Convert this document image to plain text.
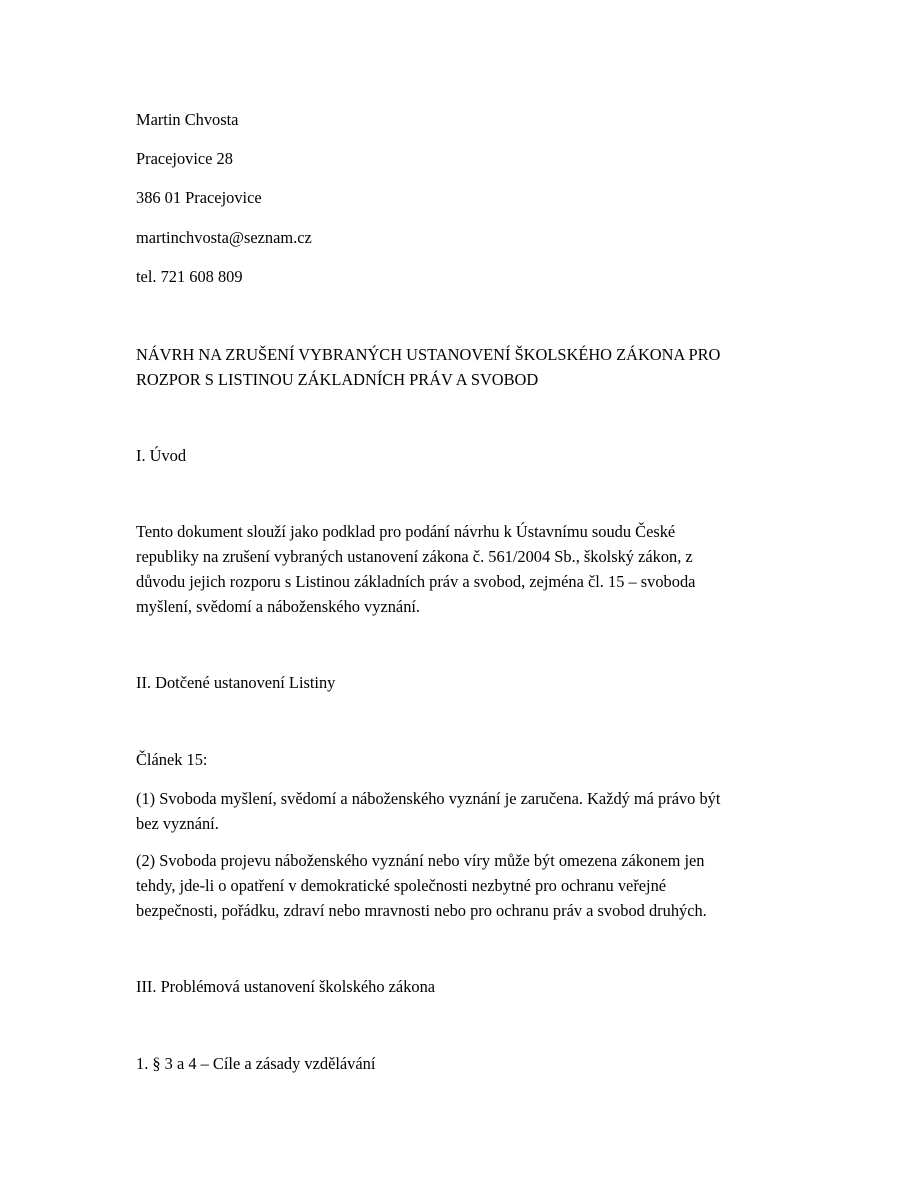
Martin Chvosta

Pracejovice 28

386 01 Pracejovice

martinchvosta@seznam.cz

tel. 721 608 809

NÁVRH NA ZRUŠENÍ VYBRANÝCH USTANOVENÍ ŠKOLSKÉHO ZÁKONA PRO

ROZPOR S LISTINOU ZÁKLADNÍCH PRÁV A SVOBOD

I. Úvod

Tento dokument slouží jako podklad pro podání návrhu k Ústavnímu soudu České

republiky na zrušení vybraných ustanovení zákona č. 561/2004 Sb., školský zákon, z

důvodu jejich rozporu s Listinou základních práv a svobod, zejména čl. 15 – svoboda

myšlení, svědomí a náboženského vyznání.

II. Dotčené ustanovení Listiny

Článek 15:

(1) Svoboda myšlení, svědomí a náboženského vyznání je zaručena. Každý má právo být

bez vyznání.

(2) Svoboda projevu náboženského vyznání nebo víry může být omezena zákonem jen

tehdy, jde-li o opatření v demokratické společnosti nezbytné pro ochranu veřejné

bezpečnosti, pořádku, zdraví nebo mravnosti nebo pro ochranu práv a svobod druhých.

III. Problémová ustanovení školského zákona

1. § 3 a 4 – Cíle a zásady vzdělávání
